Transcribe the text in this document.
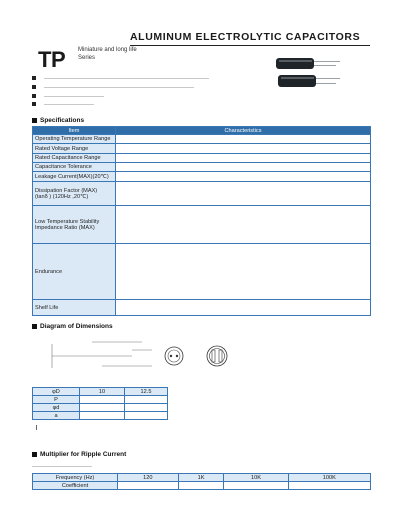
ALUMINUM ELECTROLYTIC CAPACITORS
TP Miniature and long life
Series
Specifications
Item	Characteristics
Operating Temperature Range	
Rated Voltage Range	
Rated Capacitance Range	
Capacitance Tolerance	
Leakage Current(MAX)(20℃)	

Dissipation Factor (MAX)
(tanδ ) (120Hz ,20℃)	

Low Temperature Stability
Impedance Ratio (MAX)	

Endurance	
Shelf Life	
Diagram of Dimensions
φD	10	12.5
P		
φd		
a		
Multiplier for Ripple Current
Frequency (Hz)	120	1K	10K	100K
Coefficient				
